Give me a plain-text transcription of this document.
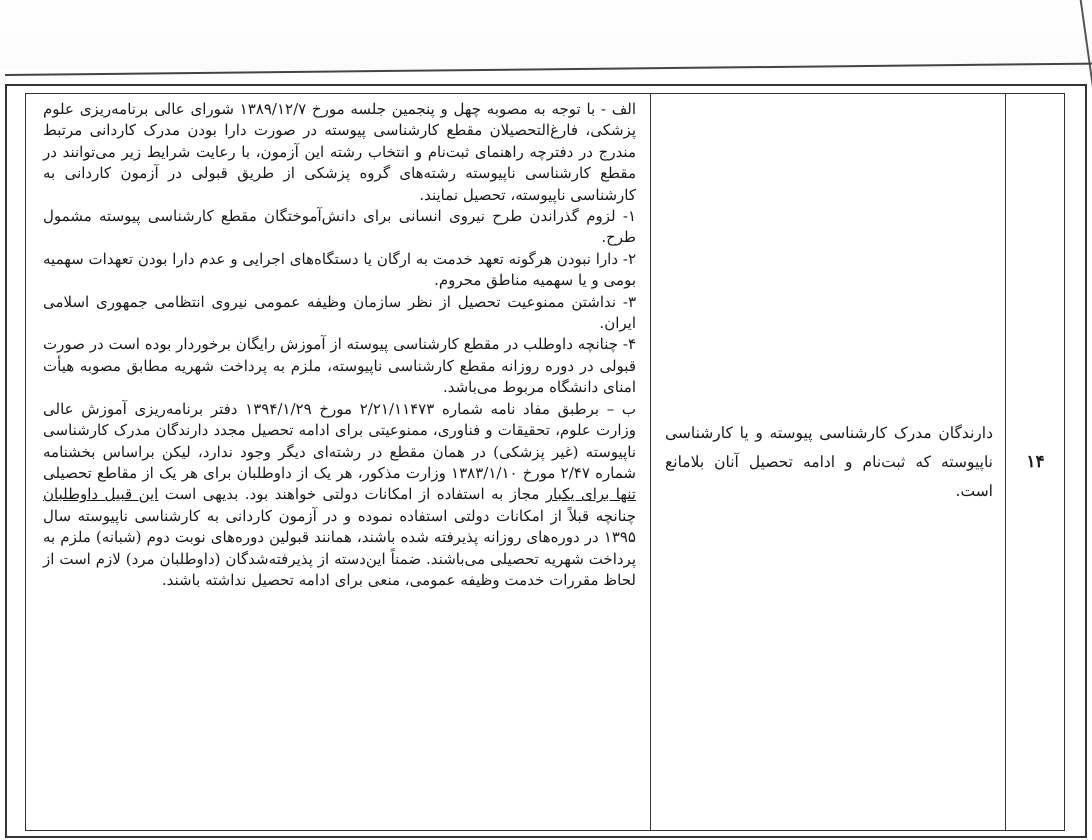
۱۴

دارندگان مدرک کارشناسی پیوسته و یا کارشناسی ناپیوسته که ثبت‌نام و ادامه تحصیل آنان بلامانع است.

الف - با توجه به مصوبه چهل و پنجمین جلسه مورخ ۱۳۸۹/۱۲/۷ شورای عالی برنامه‌ریزی علوم پزشکی، فارغ‌التحصیلان مقطع کارشناسی پیوسته در صورت دارا بودن مدرک کاردانی مرتبط مندرج در دفترچه راهنمای ثبت‌نام و انتخاب رشته این آزمون، با رعایت شرایط زیر می‌توانند در مقطع کارشناسی ناپیوسته رشته‌های گروه پزشکی از طریق قبولی در آزمون کاردانی به کارشناسی ناپیوسته، تحصیل نمایند.

۱- لزوم گذراندن طرح نیروی انسانی برای دانش‌آموختگان مقطع کارشناسی پیوسته مشمول طرح.

۲- دارا نبودن هرگونه تعهد خدمت به ارگان یا دستگاه‌های اجرایی و عدم دارا بودن تعهدات سهمیه بومی و یا سهمیه مناطق محروم.

۳- نداشتن ممنوعیت تحصیل از نظر سازمان وظیفه عمومی نیروی انتظامی جمهوری اسلامی ایران.

۴- چنانچه داوطلب در مقطع کارشناسی پیوسته از آموزش رایگان برخوردار بوده است در صورت قبولی در دوره روزانه مقطع کارشناسی ناپیوسته، ملزم به پرداخت شهریه مطابق مصوبه هیأت امنای دانشگاه مربوط می‌باشد.

ب – برطبق مفاد نامه شماره ۲/۲۱/۱۱۴۷۳ مورخ ۱۳۹۴/۱/۲۹ دفتر برنامه‌ریزی آموزش عالی وزارت علوم، تحقیقات و فناوری، ممنوعیتی برای ادامه تحصیل مجدد دارندگان مدرک کارشناسی ناپیوسته (غیر پزشکی) در همان مقطع در رشته‌ای دیگر وجود ندارد، لیکن براساس بخشنامه شماره ۲/۴۷ مورخ ۱۳۸۳/۱/۱۰ وزارت مذکور، هر یک از داوطلبان برای هر یک از مقاطع تحصیلی تنها برای یکبار مجاز به استفاده از امکانات دولتی خواهند بود. بدیهی است این قبیل داوطلبان چنانچه قبلاً از امکانات دولتی استفاده نموده و در آزمون کاردانی به کارشناسی ناپیوسته سال ۱۳۹۵ در دوره‌های روزانه پذیرفته شده باشند، همانند قبولین دوره‌های نوبت دوم (شبانه) ملزم به پرداخت شهریه تحصیلی می‌باشند. ضمناً این‌دسته از پذیرفته‌شدگان (داوطلبان مرد) لازم است از لحاظ مقررات خدمت وظیفه عمومی، منعی برای ادامه تحصیل نداشته باشند.
